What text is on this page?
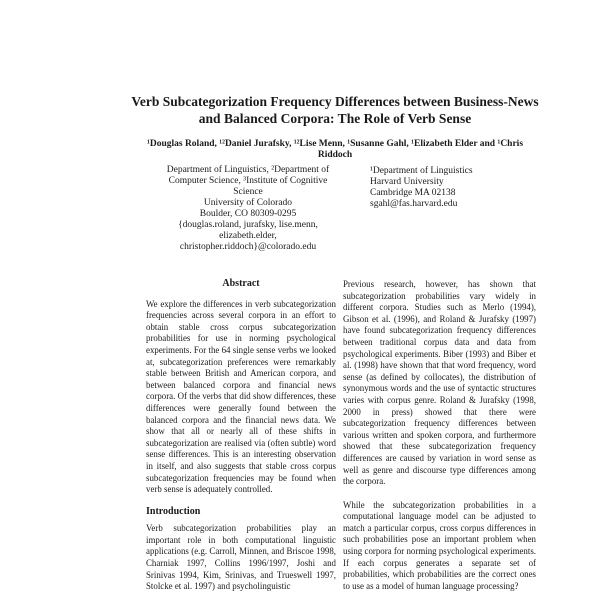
Verb Subcategorization Frequency Differences between Business-News and Balanced Corpora: The Role of Verb Sense
¹Douglas Roland, ¹²Daniel Jurafsky, ¹²Lise Menn, ¹Susanne Gahl, ¹Elizabeth Elder and ¹Chris Riddoch
Department of Linguistics, ²Department of
Computer Science, ³Institute of Cognitive
Science
University of Colorado
Boulder, CO 80309-0295
{douglas.roland, jurafsky, lise.menn,
elizabeth.elder,
christopher.riddoch}@colorado.edu
¹Department of Linguistics
Harvard University
Cambridge MA 02138
sgahl@fas.harvard.edu
Abstract

We explore the differences in verb subcategorization frequencies across several corpora in an effort to obtain stable cross corpus subcategorization probabilities for use in norming psychological experiments. For the 64 single sense verbs we looked at, subcategorization preferences were remarkably stable between British and American corpora, and between balanced corpora and financial news corpora. Of the verbs that did show differences, these differences were generally found between the balanced corpora and the financial news data. We show that all or nearly all of these shifts in subcategorization are realised via (often subtle) word sense differences. This is an interesting observation in itself, and also suggests that stable cross corpus subcategorization frequencies may be found when verb sense is adequately controlled.

Introduction

Verb subcategorization probabilities play an important role in both computational linguistic applications (e.g. Carroll, Minnen, and Briscoe 1998, Charniak 1997, Collins 1996/1997, Joshi and Srinivas 1994, Kim, Srinivas, and Trueswell 1997, Stolcke et al. 1997) and psycholinguistic

Previous research, however, has shown that subcategorization probabilities vary widely in different corpora. Studies such as Merlo (1994), Gibson et al. (1996), and Roland & Jurafsky (1997) have found subcategorization frequency differences between traditional corpus data and data from psychological experiments. Biber (1993) and Biber et al. (1998) have shown that that word frequency, word sense (as defined by collocates), the distribution of synonymous words and the use of syntactic structures varies with corpus genre. Roland & Jurafsky (1998, 2000 in press) showed that there were subcategorization frequency differences between various written and spoken corpora, and furthermore showed that these subcategorization frequency differences are caused by variation in word sense as well as genre and discourse type differences among the corpora.

While the subcategorization probabilities in a computational language model can be adjusted to match a particular corpus, cross corpus differences in such probabilities pose an important problem when using corpora for norming psychological experiments. If each corpus generates a separate set of probabilities, which probabilities are the correct ones to use as a model of human language processing?
